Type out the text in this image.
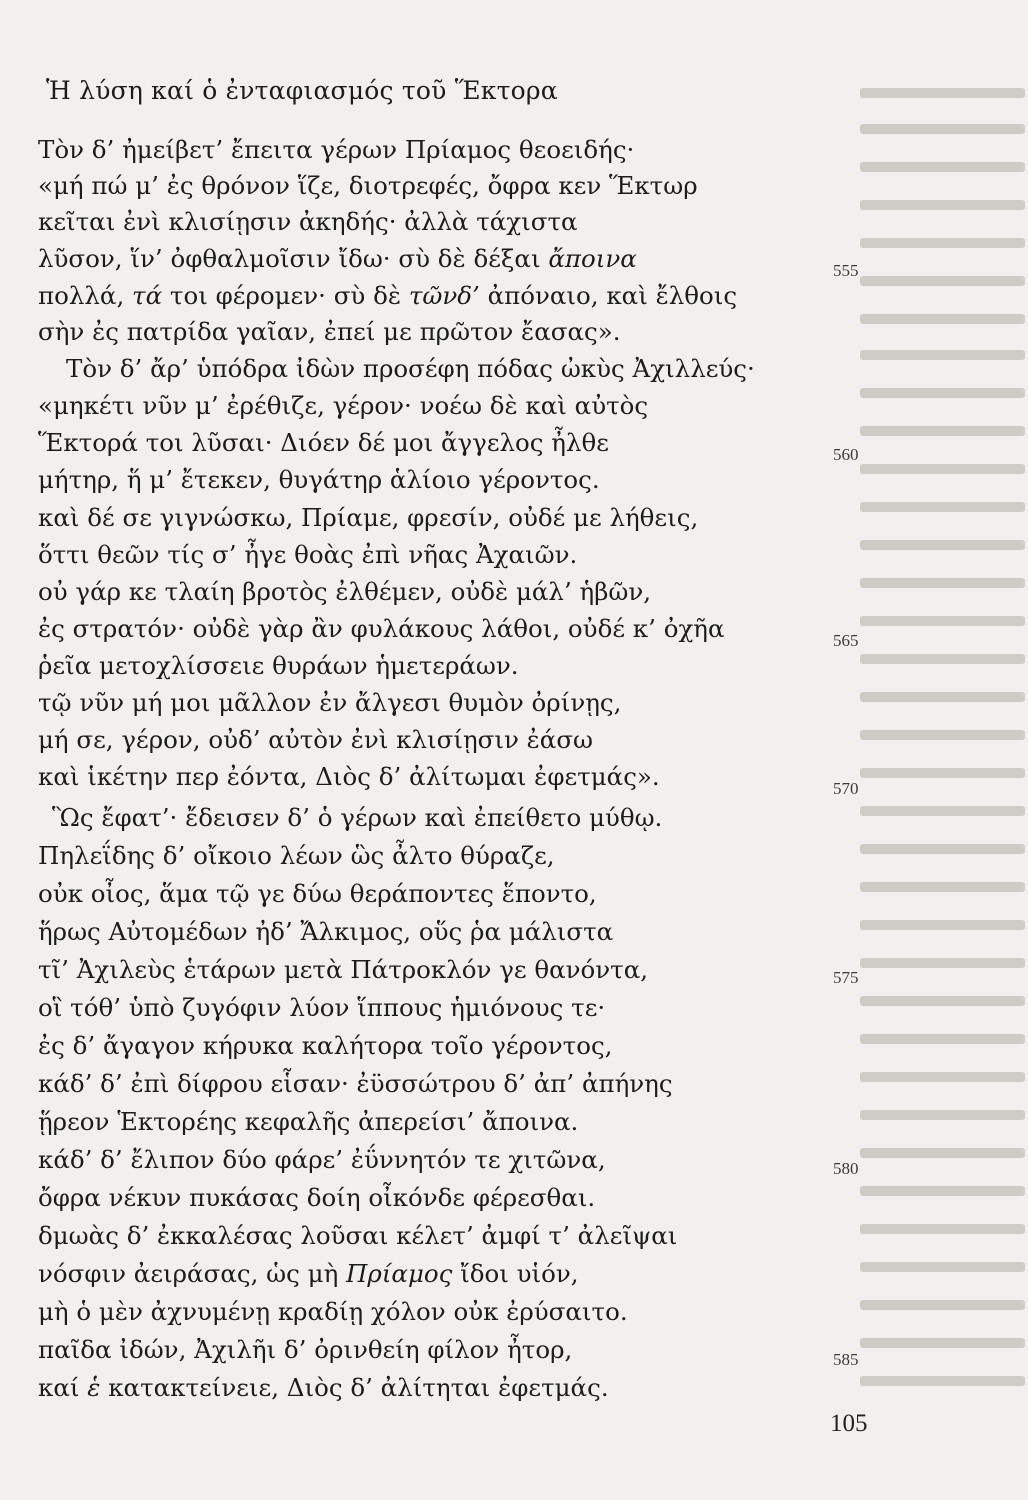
Ἡ λύση καί ὁ ἐνταφιασμός τοῦ Ἕκτορα

Τὸν δ’ ἠμείβετ’ ἔπειτα γέρων Πρίαμος θεοειδής·

«μή πώ μ’ ἐς θρόνον ἵζε, διοτρεφές, ὄφρα κεν Ἕκτωρ

κεῖται ἐνὶ κλισίῃσιν ἀκηδής· ἀλλὰ τάχιστα

λῦσον, ἵν’ ὀφθαλμοῖσιν ἴδω· σὺ δὲ δέξαι ἄποινα

πολλά, τά τοι φέρομεν· σὺ δὲ τῶνδ’ ἀπόναιο, καὶ ἔλθοις

σὴν ἐς πατρίδα γαῖαν, ἐπεί με πρῶτον ἔασας».

Τὸν δ’ ἄρ’ ὑπόδρα ἰδὼν προσέφη πόδας ὠκὺς Ἀχιλλεύς·

«μηκέτι νῦν μ’ ἐρέθιζε, γέρον· νοέω δὲ καὶ αὐτὸς

Ἕκτορά τοι λῦσαι· Διόεν δέ μοι ἄγγελος ἦλθε

μήτηρ, ἥ μ’ ἔτεκεν, θυγάτηρ ἁλίοιο γέροντος.

καὶ δέ σε γιγνώσκω, Πρίαμε, φρεσίν, οὐδέ με λήθεις,

ὅττι θεῶν τίς σ’ ἦγε θοὰς ἐπὶ νῆας Ἀχαιῶν.

οὐ γάρ κε τλαίη βροτὸς ἐλθέμεν, οὐδὲ μάλ’ ἡβῶν,

ἐς στρατόν· οὐδὲ γὰρ ἂν φυλάκους λάθοι, οὐδέ κ’ ὀχῆα

ῥεῖα μετοχλίσσειε θυράων ἡμετεράων.

τῷ νῦν μή μοι μᾶλλον ἐν ἄλγεσι θυμὸν ὀρίνῃς,

μή σε, γέρον, οὐδ’ αὐτὸν ἐνὶ κλισίῃσιν ἐάσω

καὶ ἱκέτην περ ἐόντα, Διὸς δ’ ἀλίτωμαι ἐφετμάς».

Ὣς ἔφατ’· ἔδεισεν δ’ ὁ γέρων καὶ ἐπείθετο μύθῳ.

Πηλεΐδης δ’ οἴκοιο λέων ὣς ἆλτο θύραζε,

οὐκ οἶος, ἅμα τῷ γε δύω θεράποντες ἕποντο,

ἥρως Αὐτομέδων ἠδ’ Ἄλκιμος, οὕς ῥα μάλιστα

τῖ’ Ἀχιλεὺς ἑτάρων μετὰ Πάτροκλόν γε θανόντα,

οἳ τόθ’ ὑπὸ ζυγόφιν λύον ἵππους ἡμιόνους τε·

ἐς δ’ ἄγαγον κήρυκα καλήτορα τοῖο γέροντος,

κάδ’ δ’ ἐπὶ δίφρου εἷσαν· ἐϋσσώτρου δ’ ἀπ’ ἀπήνης

ᾕρεον Ἑκτορέης κεφαλῆς ἀπερείσι’ ἄποινα.

κάδ’ δ’ ἔλιπον δύο φάρε’ ἐΰννητόν τε χιτῶνα,

ὄφρα νέκυν πυκάσας δοίη οἶκόνδε φέρεσθαι.

δμωὰς δ’ ἐκκαλέσας λοῦσαι κέλετ’ ἀμφί τ’ ἀλεῖψαι

νόσφιν ἀειράσας, ὡς μὴ Πρίαμος ἴδοι υἱόν,

μὴ ὁ μὲν ἀχνυμένῃ κραδίῃ χόλον οὐκ ἐρύσαιτο.

παῖδα ἰδών, Ἀχιλῆι δ’ ὀρινθείη φίλον ἦτορ,

καί ἑ κατακτείνειε, Διὸς δ’ ἀλίτηται ἐφετμάς.

555
560
565
570
575
580
585
105
